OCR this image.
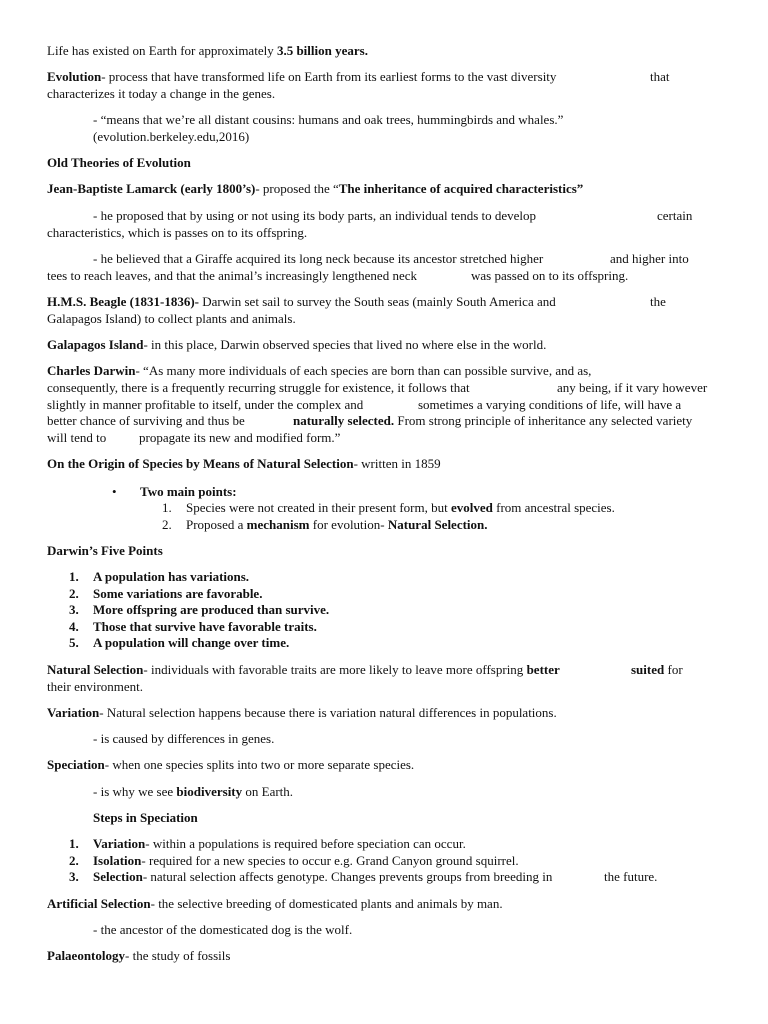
Life has existed on Earth for approximately 3.5 billion years.

Evolution- process that have transformed life on Earth from its earliest forms to the vast diversity	that
characterizes it today a change in the genes.

- “means that we’re all distant cousins: humans and oak trees, hummingbirds and whales.”
(evolution.berkeley.edu,2016)

Old Theories of Evolution

Jean-Baptiste Lamarck (early 1800’s)- proposed the “The inheritance of acquired characteristics”

- he proposed that by using or not using its body parts, an individual tends to develop	certain
characteristics, which is passes on to its offspring.

- he believed that a Giraffe acquired its long neck because its ancestor stretched higher	and higher into
tees to reach leaves, and that the animal’s increasingly lengthened neck	was passed on to its offspring.

H.M.S. Beagle (1831-1836)- Darwin set sail to survey the South seas (mainly South America and	the
Galapagos Island) to collect plants and animals.

Galapagos Island- in this place, Darwin observed species that lived no where else in the world.

Charles Darwin- “As many more individuals of each species are born than can possible survive, and as,
consequently, there is a frequently recurring struggle for existence, it follows that	any being, if it vary however
slightly in manner profitable to itself, under the complex and	sometimes a varying conditions of life, will have a
better chance of surviving and thus be	naturally selected. From strong principle of inheritance any selected variety
will tend to	propagate its new and modified form.”

On the Origin of Species by Means of Natural Selection- written in 1859

• Two main points:
1. Species were not created in their present form, but evolved from ancestral species.
2. Proposed a mechanism for evolution- Natural Selection.

Darwin’s Five Points

1. A population has variations.
2. Some variations are favorable.
3. More offspring are produced than survive.
4. Those that survive have favorable traits.
5. A population will change over time.

Natural Selection- individuals with favorable traits are more likely to leave more offspring better	suited for
their environment.

Variation- Natural selection happens because there is variation natural differences in populations.

- is caused by differences in genes.

Speciation- when one species splits into two or more separate species.

- is why we see biodiversity on Earth.

Steps in Speciation

1. Variation- within a populations is required before speciation can occur.
2. Isolation- required for a new species to occur e.g. Grand Canyon ground squirrel.
3. Selection- natural selection affects genotype. Changes prevents groups from breeding in	the future.

Artificial Selection- the selective breeding of domesticated plants and animals by man.

- the ancestor of the domesticated dog is the wolf.

Palaeontology- the study of fossils
